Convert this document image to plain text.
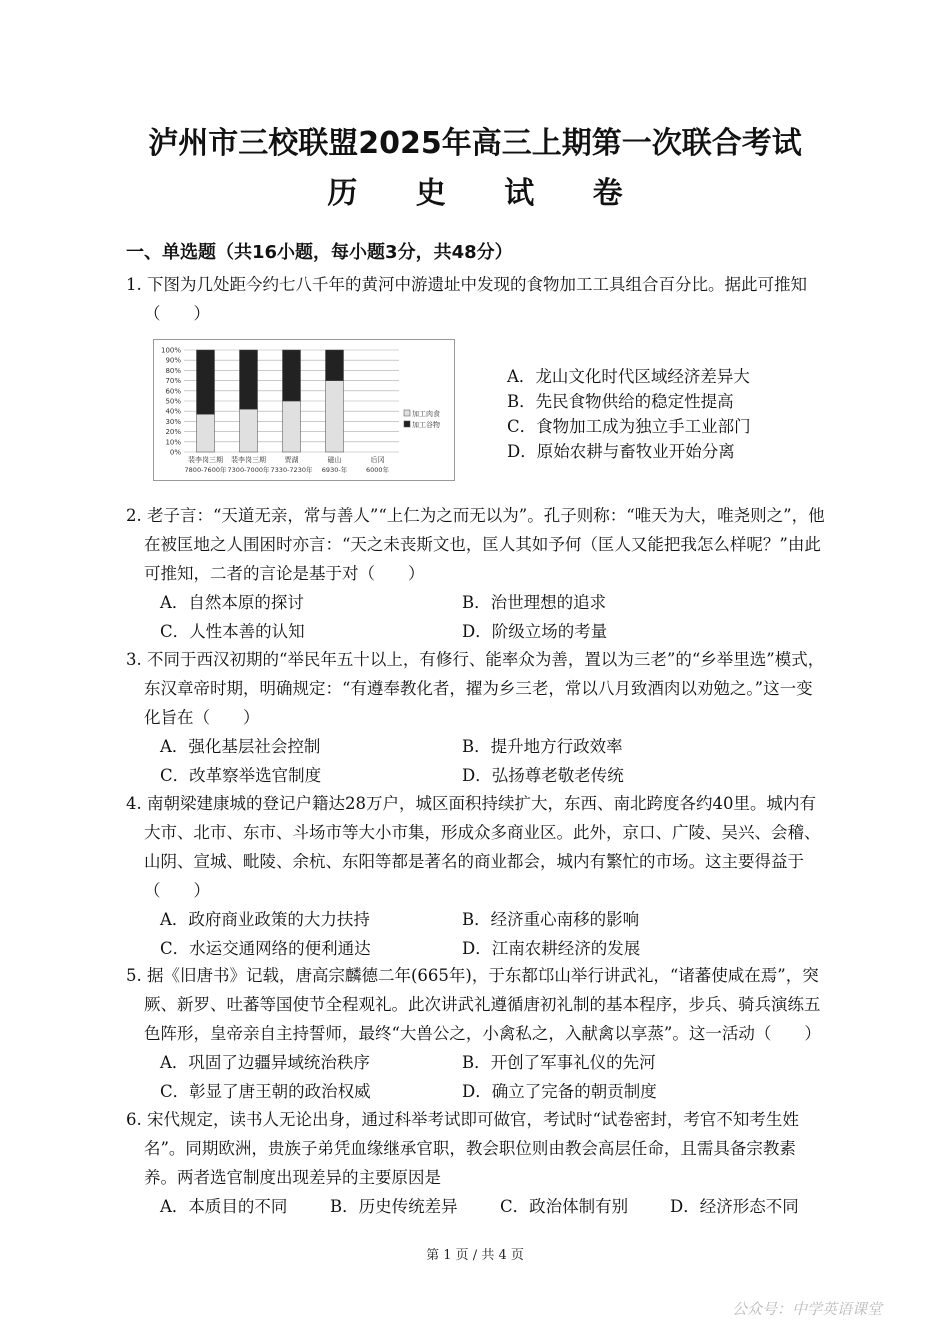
泸州市三校联盟2025年高三上期第一次联合考试
历 史 试 卷
一、单选题（共16小题，每小题3分，共48分）
1. 下图为几处距今约七八千年的黄河中游遗址中发现的食物加工工具组合百分比。据此可推知（　　）
0%
10%
20%
30%
40%
50%
60%
70%
80%
90%
100%
裴李岗三期
7800-7600年
裴李岗三期
7300-7000年
贾湖
7330-7230年
磁山
6930-年
后冈
6000年
加工肉食
加工谷物
A．龙山文化时代区域经济差异大
B．先民食物供给的稳定性提高
C．食物加工成为独立手工业部门
D．原始农耕与畜牧业开始分离
2. 老子言：“天道无亲，常与善人”“上仁为之而无以为”。孔子则称：“唯天为大，唯尧则之”，他在被匡地之人围困时亦言：“天之未丧斯文也，匡人其如予何（匡人又能把我怎么样呢？”由此可推知，二者的言论是基于对（　　）
A．自然本原的探讨	B．治世理想的追求
C．人性本善的认知	D．阶级立场的考量
3. 不同于西汉初期的“举民年五十以上，有修行、能率众为善，置以为三老”的“乡举里选”模式，东汉章帝时期，明确规定：“有遵奉教化者，擢为乡三老，常以八月致酒肉以劝勉之。”这一变化旨在（　　）
A．强化基层社会控制	B．提升地方行政效率
C．改革察举选官制度	D．弘扬尊老敬老传统
4. 南朝梁建康城的登记户籍达28万户，城区面积持续扩大，东西、南北跨度各约40里。城内有大市、北市、东市、斗场市等大小市集，形成众多商业区。此外，京口、广陵、吴兴、会稽、山阴、宣城、毗陵、余杭、东阳等都是著名的商业都会，城内有繁忙的市场。这主要得益于（　　）
A．政府商业政策的大力扶持	B．经济重心南移的影响
C．水运交通网络的便利通达	D．江南农耕经济的发展
5. 据《旧唐书》记载，唐高宗麟德二年(665年)，于东都邙山举行讲武礼，“诸蕃使咸在焉”，突厥、新罗、吐蕃等国使节全程观礼。此次讲武礼遵循唐初礼制的基本程序，步兵、骑兵演练五色阵形，皇帝亲自主持誓师，最终“大兽公之，小禽私之，入献禽以享蒸”。这一活动（　　）
A．巩固了边疆异域统治秩序	B．开创了军事礼仪的先河
C．彰显了唐王朝的政治权威	D．确立了完备的朝贡制度
6. 宋代规定，读书人无论出身，通过科举考试即可做官，考试时“试卷密封，考官不知考生姓名”。同期欧洲，贵族子弟凭血缘继承官职，教会职位则由教会高层任命，且需具备宗教素养。两者选官制度出现差异的主要原因是
A．本质目的不同	B．历史传统差异	C．政治体制有别	D．经济形态不同
第 1 页 / 共 4 页
公众号：中学英语课堂
